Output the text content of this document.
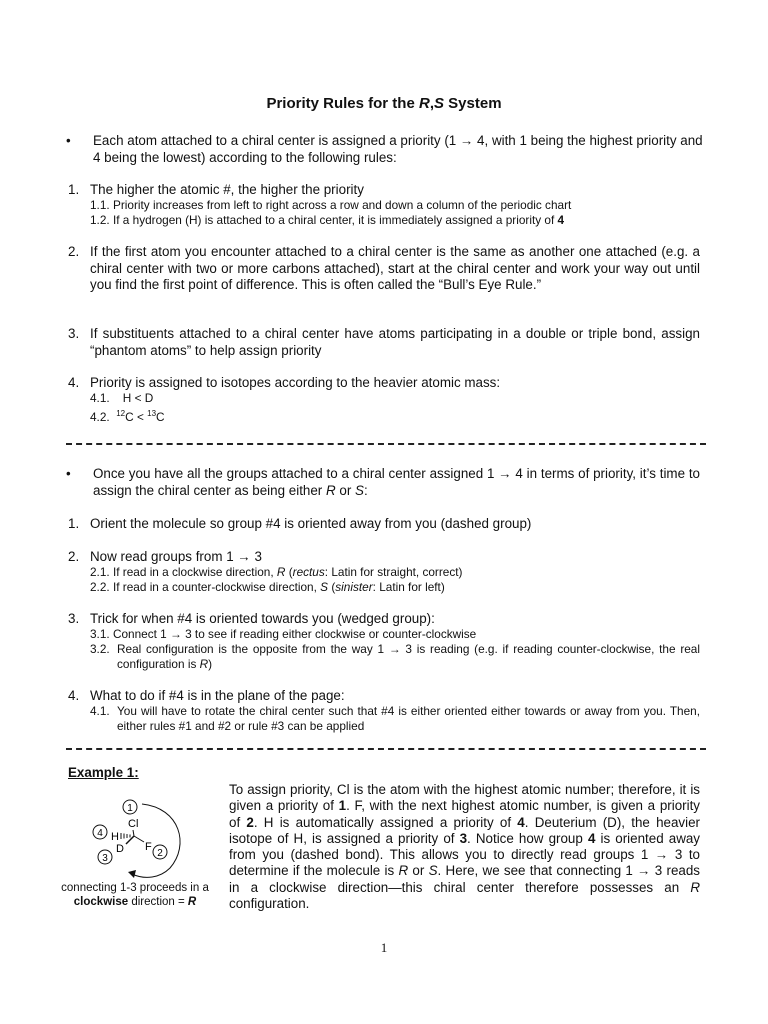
Priority Rules for the R,S System
• Each atom attached to a chiral center is assigned a priority (1 → 4, with 1 being the highest priority and 4 being the lowest) according to the following rules:
1. The higher the atomic #, the higher the priority
1.1. Priority increases from left to right across a row and down a column of the periodic chart
1.2. If a hydrogen (H) is attached to a chiral center, it is immediately assigned a priority of 4
2. If the first atom you encounter attached to a chiral center is the same as another one attached (e.g. a chiral center with two or more carbons attached), start at the chiral center and work your way out until you find the first point of difference. This is often called the “Bull’s Eye Rule.”
3. If substituents attached to a chiral center have atoms participating in a double or triple bond, assign “phantom atoms” to help assign priority
4. Priority is assigned to isotopes according to the heavier atomic mass:
4.1.    H < D
4.2.  $^{12}$C < $^{13}$C
• Once you have all the groups attached to a chiral center assigned 1 → 4 in terms of priority, it’s time to assign the chiral center as being either R or S:
1. Orient the molecule so group #4 is oriented away from you (dashed group)
2. Now read groups from 1 → 3
2.1. If read in a clockwise direction, R (rectus: Latin for straight, correct)
2.2. If read in a counter-clockwise direction, S (sinister: Latin for left)
3. Trick for when #4 is oriented towards you (wedged group):
3.1. Connect 1 → 3 to see if reading either clockwise or counter-clockwise
3.2. Real configuration is the opposite from the way 1 → 3 is reading (e.g. if reading counter-clockwise, the real configuration is R)
4. What to do if #4 is in the plane of the page:
4.1. You will have to rotate the chiral center such that #4 is either oriented either towards or away from you. Then, either rules #1 and #2 or rule #3 can be applied
Example 1:
1
4
2
3
Cl
H
D F
connecting 1-3 proceeds in a
clockwise direction = R
To assign priority, Cl is the atom with the highest atomic number; therefore, it is given a priority of 1. F, with the next highest atomic number, is given a priority of 2. H is automatically assigned a priority of 4. Deuterium (D), the heavier isotope of H, is assigned a priority of 3. Notice how group 4 is oriented away from you (dashed bond). This allows you to directly read groups 1 → 3 to determine if the molecule is R or S. Here, we see that connecting 1 → 3 reads in a clockwise direction—this chiral center therefore possesses an R configuration.
1
